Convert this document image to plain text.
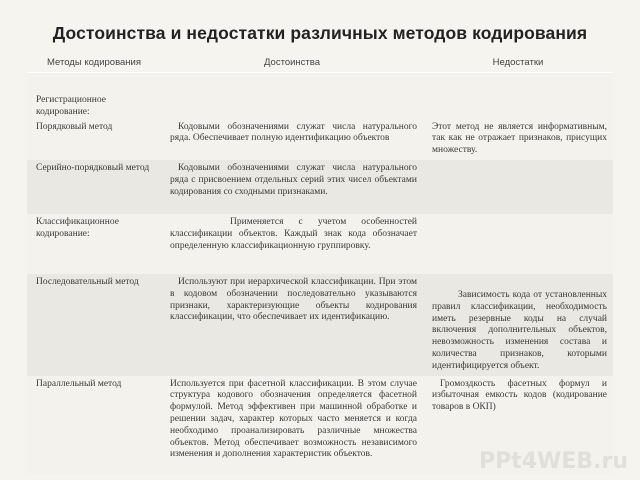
Достоинства и недостатки различных методов кодирования
Методы кодирования	Достоинства	Недостатки
Регистрационное кодирование:		
Порядковый метод	Кодовыми обозначениями служат числа натурального ряда. Обеспечивает полную идентификацию объектов	Этот метод не является информативным, так как не отражает признаков, присущих множеству.
Серийно-порядковый метод	Кодовыми обозначениями служат числа натурального ряда с присвоением отдельных серий этих чисел объектами кодирования со сходными признаками.	
Классификационное кодирование:	Применяется с учетом особенностей классификации объектов. Каждый знак кода обозначает определенную классификационную группировку.	
Последовательный метод	Используют при иерархической классификации. При этом в кодовом обозначении последовательно указываются признаки, характеризующие объекты кодирования классификации, что обеспечивает их идентификацию.	Зависимость кода от установленных правил классификации, необходимость иметь резервные коды на случай включения дополнительных объектов, невозможность изменения состава и количества признаков, которыми идентифицируется объект.
Параллельный метод	Используется при фасетной классификации. В этом случае структура кодового обозначения определяется фасетной формулой. Метод эффективен при машинной обработке и решении задач, характер которых часто меняется и когда необходимо проанализировать различные множества объектов. Метод обеспечивает возможность независимого изменения и дополнения характеристик объектов.	Громоздкость фасетных формул и избыточная емкость кодов (кодирование товаров в ОКП)
PPt4WEB.ru
